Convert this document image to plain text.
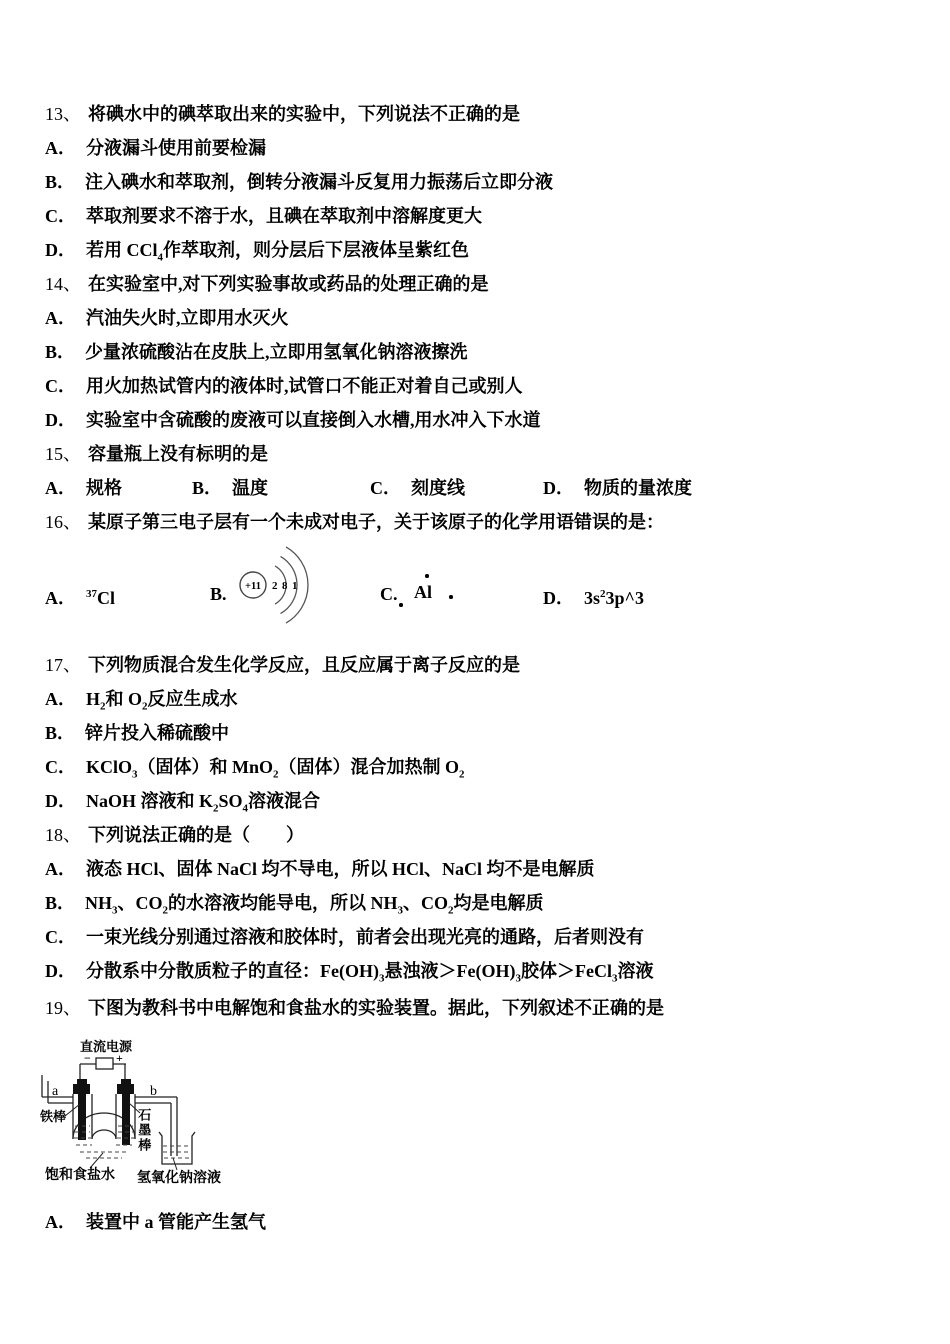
13、 将碘水中的碘萃取出来的实验中，下列说法不正确的是
A． 分液漏斗使用前要检漏
B． 注入碘水和萃取剂，倒转分液漏斗反复用力振荡后立即分液
C． 萃取剂要求不溶于水，且碘在萃取剂中溶解度更大
D． 若用 CCl$_4$作萃取剂，则分层后下层液体呈紫红色
14、 在实验室中,对下列实验事故或药品的处理正确的是
A． 汽油失火时,立即用水灭火
B． 少量浓硫酸沾在皮肤上,立即用氢氧化钠溶液擦洗
C． 用火加热试管内的液体时,试管口不能正对着自己或别人
D． 实验室中含硫酸的废液可以直接倒入水槽,用水冲入下水道
15、 容量瓶上没有标明的是
A． 规格	B． 温度	C． 刻度线	D． 物质的量浓度
16、 某原子第三电子层有一个未成对电子，关于该原子的化学用语错误的是：
A． $^{37}$Cl	B. +11 2 8 1	C. Al	D． $3s^23p\^{}3$
17、 下列物质混合发生化学反应，且反应属于离子反应的是
A． $H_2$和 $O_2$反应生成水
B． 锌片投入稀硫酸中
C． KClO$_3$（固体）和 MnO$_2$（固体）混合加热制 $O_2$
D． NaOH 溶液和 $K_2SO_4$溶液混合
18、 下列说法正确的是（　　）
A． 液态 HCl、固体 NaCl 均不导电，所以 HCl、NaCl 均不是电解质
B． $NH_3$、$CO_2$的水溶液均能导电，所以 $NH_3$、$CO_2$均是电解质
C． 一束光线分别通过溶液和胶体时，前者会出现光亮的通路，后者则没有
D． 分散系中分散质粒子的直径：$Fe(OH)_3$悬浊液$>Fe(OH)_3$胶体＞FeCl$_3$溶液
19、 下图为教科书中电解饱和食盐水的实验装置。据此，下列叙述不正确的是
直流电源
− +
a	b
铁棒	石墨棒
饱和食盐水 氢氧化钠溶液
A． 装置中 a 管能产生氢气
